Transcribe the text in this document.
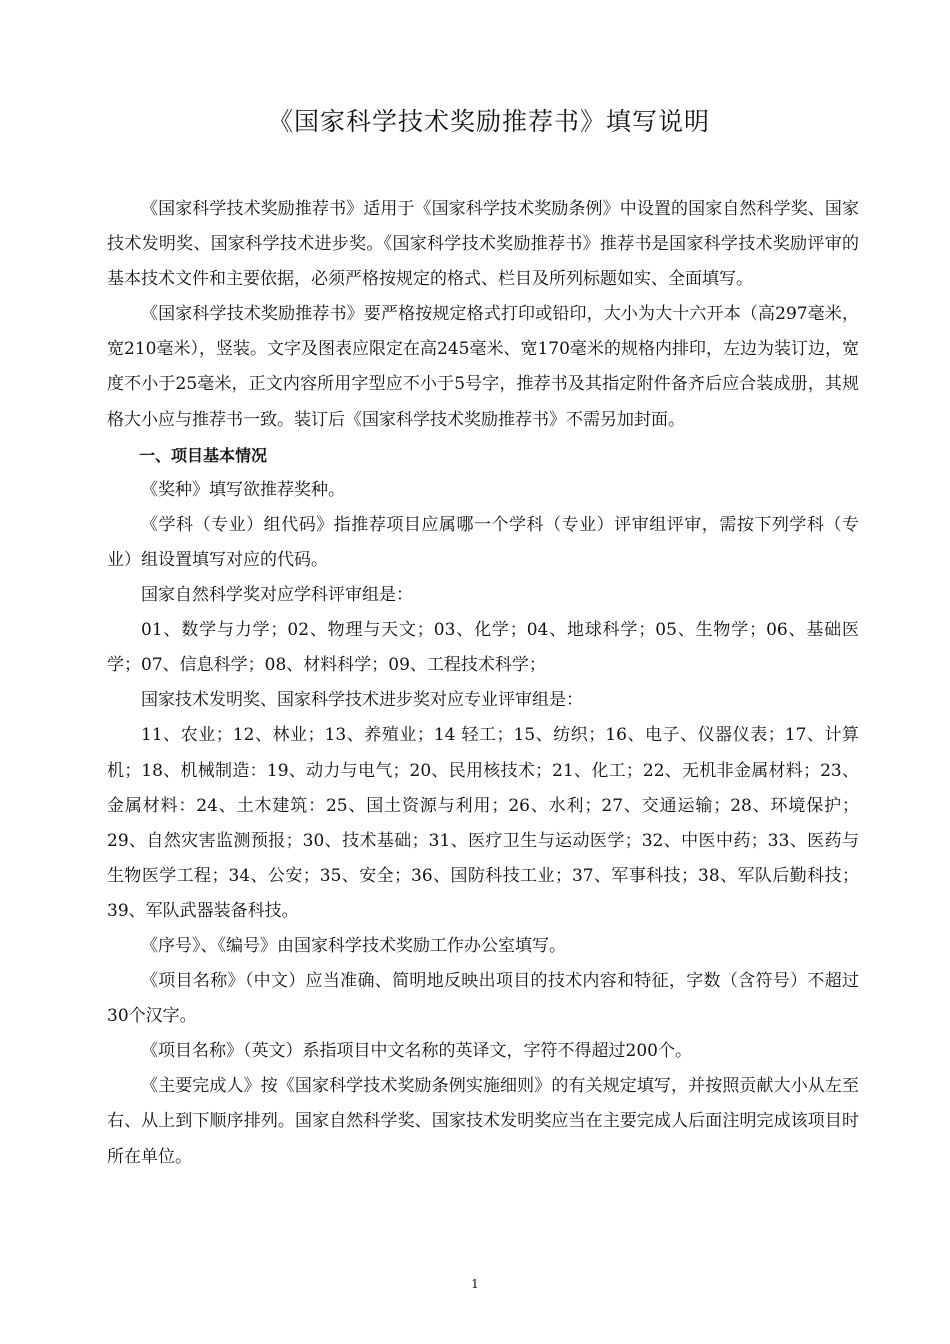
《国家科学技术奖励推荐书》填写说明

《国家科学技术奖励推荐书》适用于《国家科学技术奖励条例》中设置的国家自然科学奖、国家技术发明奖、国家科学技术进步奖。《国家科学技术奖励推荐书》推荐书是国家科学技术奖励评审的基本技术文件和主要依据，必须严格按规定的格式、栏目及所列标题如实、全面填写。

《国家科学技术奖励推荐书》要严格按规定格式打印或铅印，大小为大十六开本（高297毫米，宽210毫米），竖装。文字及图表应限定在高245毫米、宽170毫米的规格内排印，左边为装订边，宽度不小于25毫米，正文内容所用字型应不小于5号字，推荐书及其指定附件备齐后应合装成册，其规格大小应与推荐书一致。装订后《国家科学技术奖励推荐书》不需另加封面。

一、项目基本情况

《奖种》填写欲推荐奖种。

《学科（专业）组代码》指推荐项目应属哪一个学科（专业）评审组评审，需按下列学科（专业）组设置填写对应的代码。

国家自然科学奖对应学科评审组是：

01、数学与力学；02、物理与天文；03、化学；04、地球科学；05、生物学；06、基础医学；07、信息科学；08、材料科学；09、工程技术科学；

国家技术发明奖、国家科学技术进步奖对应专业评审组是：

11、农业；12、林业；13、养殖业；14 轻工；15、纺织；16、电子、仪器仪表；17、计算机；18、机械制造：19、动力与电气；20、民用核技术；21、化工；22、无机非金属材料；23、金属材料：24、土木建筑：25、国土资源与利用；26、水利；27、交通运输；28、环境保护；29、自然灾害监测预报；30、技术基础；31、医疗卫生与运动医学；32、中医中药；33、医药与生物医学工程；34、公安；35、安全；36、国防科技工业；37、军事科技；38、军队后勤科技；39、军队武器装备科技。

《序号》、《编号》由国家科学技术奖励工作办公室填写。

《项目名称》（中文）应当准确、简明地反映出项目的技术内容和特征，字数（含符号）不超过30个汉字。

《项目名称》（英文）系指项目中文名称的英译文，字符不得超过200个。

《主要完成人》按《国家科学技术奖励条例实施细则》的有关规定填写，并按照贡献大小从左至右、从上到下顺序排列。国家自然科学奖、国家技术发明奖应当在主要完成人后面注明完成该项目时所在单位。

1
